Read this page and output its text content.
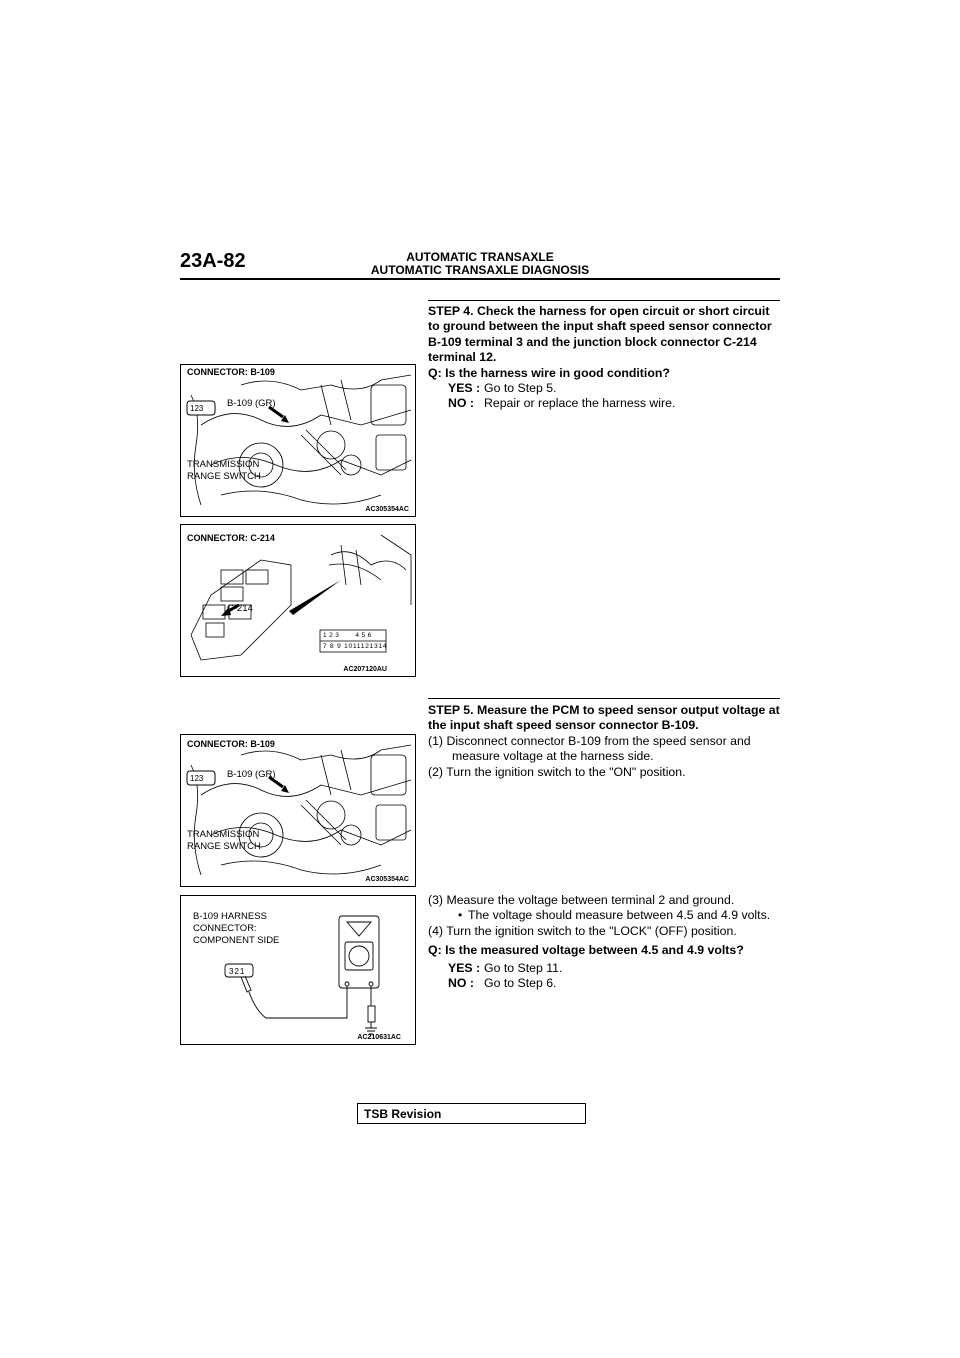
23A-82	AUTOMATIC TRANSAXLE
AUTOMATIC TRANSAXLE DIAGNOSIS
STEP 4. Check the harness for open circuit or short circuit to ground between the input shaft speed sensor connector B-109 terminal 3 and the junction block connector C-214 terminal 12.
Q: Is the harness wire in good condition?
YES : Go to Step 5.
NO : Repair or replace the harness wire.
CONNECTOR: B-109
123 B-109 (GR)
TRANSMISSION
RANGE SWITCH
AC305354AC
CONNECTOR: C-214
C-214
123 456
7 8 9 1011121314
AC207120AU
STEP 5. Measure the PCM to speed sensor output voltage at the input shaft speed sensor connector B-109.
(1) Disconnect connector B-109 from the speed sensor and measure voltage at the harness side.
(2) Turn the ignition switch to the "ON" position.
CONNECTOR: B-109
123 B-109 (GR)
TRANSMISSION
RANGE SWITCH
AC305354AC
(3) Measure the voltage between terminal 2 and ground.
• The voltage should measure between 4.5 and 4.9 volts.
(4) Turn the ignition switch to the "LOCK" (OFF) position.
Q: Is the measured voltage between 4.5 and 4.9 volts?
YES : Go to Step 11.
NO : Go to Step 6.
B-109 HARNESS
CONNECTOR:
COMPONENT SIDE
321
AC210631AC
TSB Revision
